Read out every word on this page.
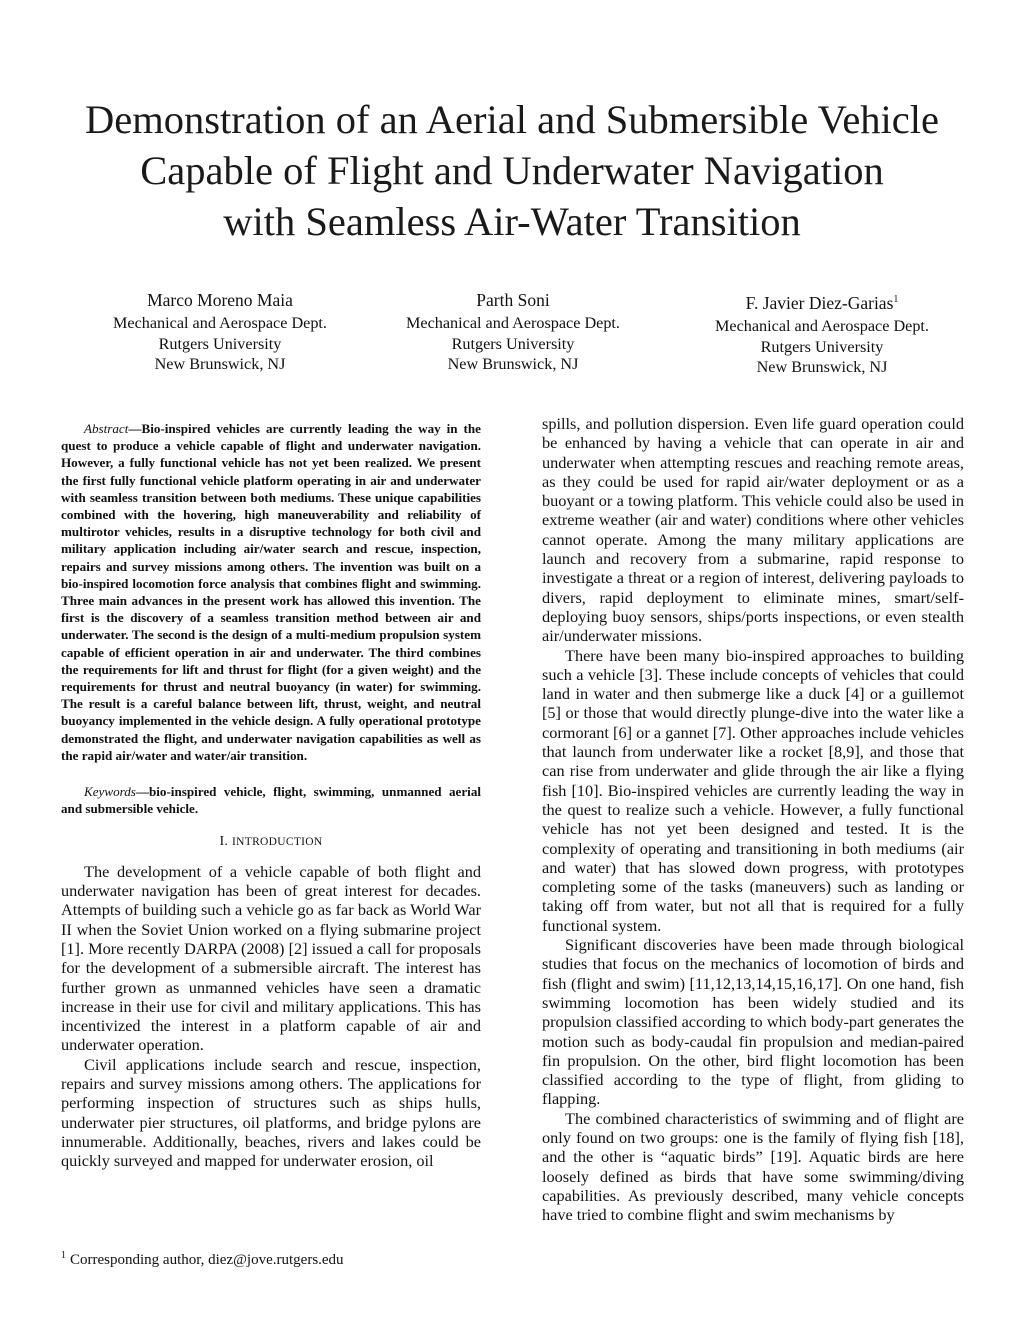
Demonstration of an Aerial and Submersible Vehicle
Capable of Flight and Underwater Navigation
with Seamless Air-Water Transition
Marco Moreno Maia
Mechanical and Aerospace Dept.
Rutgers University
New Brunswick, NJ
Parth Soni
Mechanical and Aerospace Dept.
Rutgers University
New Brunswick, NJ
F. Javier Diez-Garias$^1$
Mechanical and Aerospace Dept.
Rutgers University
New Brunswick, NJ

Abstract—Bio-inspired vehicles are currently leading the way in the quest to produce a vehicle capable of flight and underwater navigation. However, a fully functional vehicle has not yet been realized. We present the first fully functional vehicle platform operating in air and underwater with seamless transition between both mediums. These unique capabilities combined with the hovering, high maneuverability and reliability of multirotor vehicles, results in a disruptive technology for both civil and military application including air/water search and rescue, inspection, repairs and survey missions among others. The invention was built on a bio-inspired locomotion force analysis that combines flight and swimming. Three main advances in the present work has allowed this invention. The first is the discovery of a seamless transition method between air and underwater. The second is the design of a multi-medium propulsion system capable of efficient operation in air and underwater. The third combines the requirements for lift and thrust for flight (for a given weight) and the requirements for thrust and neutral buoyancy (in water) for swimming. The result is a careful balance between lift, thrust, weight, and neutral buoyancy implemented in the vehicle design. A fully operational prototype demonstrated the flight, and underwater navigation capabilities as well as the rapid air/water and water/air transition.

Keywords—bio-inspired vehicle, flight, swimming, unmanned aerial and submersible vehicle.

I. INTRODUCTION

The development of a vehicle capable of both flight and underwater navigation has been of great interest for decades. Attempts of building such a vehicle go as far back as World War II when the Soviet Union worked on a flying submarine project [1]. More recently DARPA (2008) [2] issued a call for proposals for the development of a submersible aircraft. The interest has further grown as unmanned vehicles have seen a dramatic increase in their use for civil and military applications. This has incentivized the interest in a platform capable of air and underwater operation.

Civil applications include search and rescue, inspection, repairs and survey missions among others. The applications for performing inspection of structures such as ships hulls, underwater pier structures, oil platforms, and bridge pylons are innumerable. Additionally, beaches, rivers and lakes could be quickly surveyed and mapped for underwater erosion, oil

spills, and pollution dispersion. Even life guard operation could be enhanced by having a vehicle that can operate in air and underwater when attempting rescues and reaching remote areas, as they could be used for rapid air/water deployment or as a buoyant or a towing platform. This vehicle could also be used in extreme weather (air and water) conditions where other vehicles cannot operate. Among the many military applications are launch and recovery from a submarine, rapid response to investigate a threat or a region of interest, delivering payloads to divers, rapid deployment to eliminate mines, smart/self-deploying buoy sensors, ships/ports inspections, or even stealth air/underwater missions.

There have been many bio-inspired approaches to building such a vehicle [3]. These include concepts of vehicles that could land in water and then submerge like a duck [4] or a guillemot [5] or those that would directly plunge-dive into the water like a cormorant [6] or a gannet [7]. Other approaches include vehicles that launch from underwater like a rocket [8,9], and those that can rise from underwater and glide through the air like a flying fish [10]. Bio-inspired vehicles are currently leading the way in the quest to realize such a vehicle. However, a fully functional vehicle has not yet been designed and tested. It is the complexity of operating and transitioning in both mediums (air and water) that has slowed down progress, with prototypes completing some of the tasks (maneuvers) such as landing or taking off from water, but not all that is required for a fully functional system.

Significant discoveries have been made through biological studies that focus on the mechanics of locomotion of birds and fish (flight and swim) [11,12,13,14,15,16,17]. On one hand, fish swimming locomotion has been widely studied and its propulsion classified according to which body-part generates the motion such as body-caudal fin propulsion and median-paired fin propulsion. On the other, bird flight locomotion has been classified according to the type of flight, from gliding to flapping.

The combined characteristics of swimming and of flight are only found on two groups: one is the family of flying fish [18], and the other is “aquatic birds” [19]. Aquatic birds are here loosely defined as birds that have some swimming/diving capabilities. As previously described, many vehicle concepts have tried to combine flight and swim mechanisms by

$^1$ Corresponding author, diez@jove.rutgers.edu
